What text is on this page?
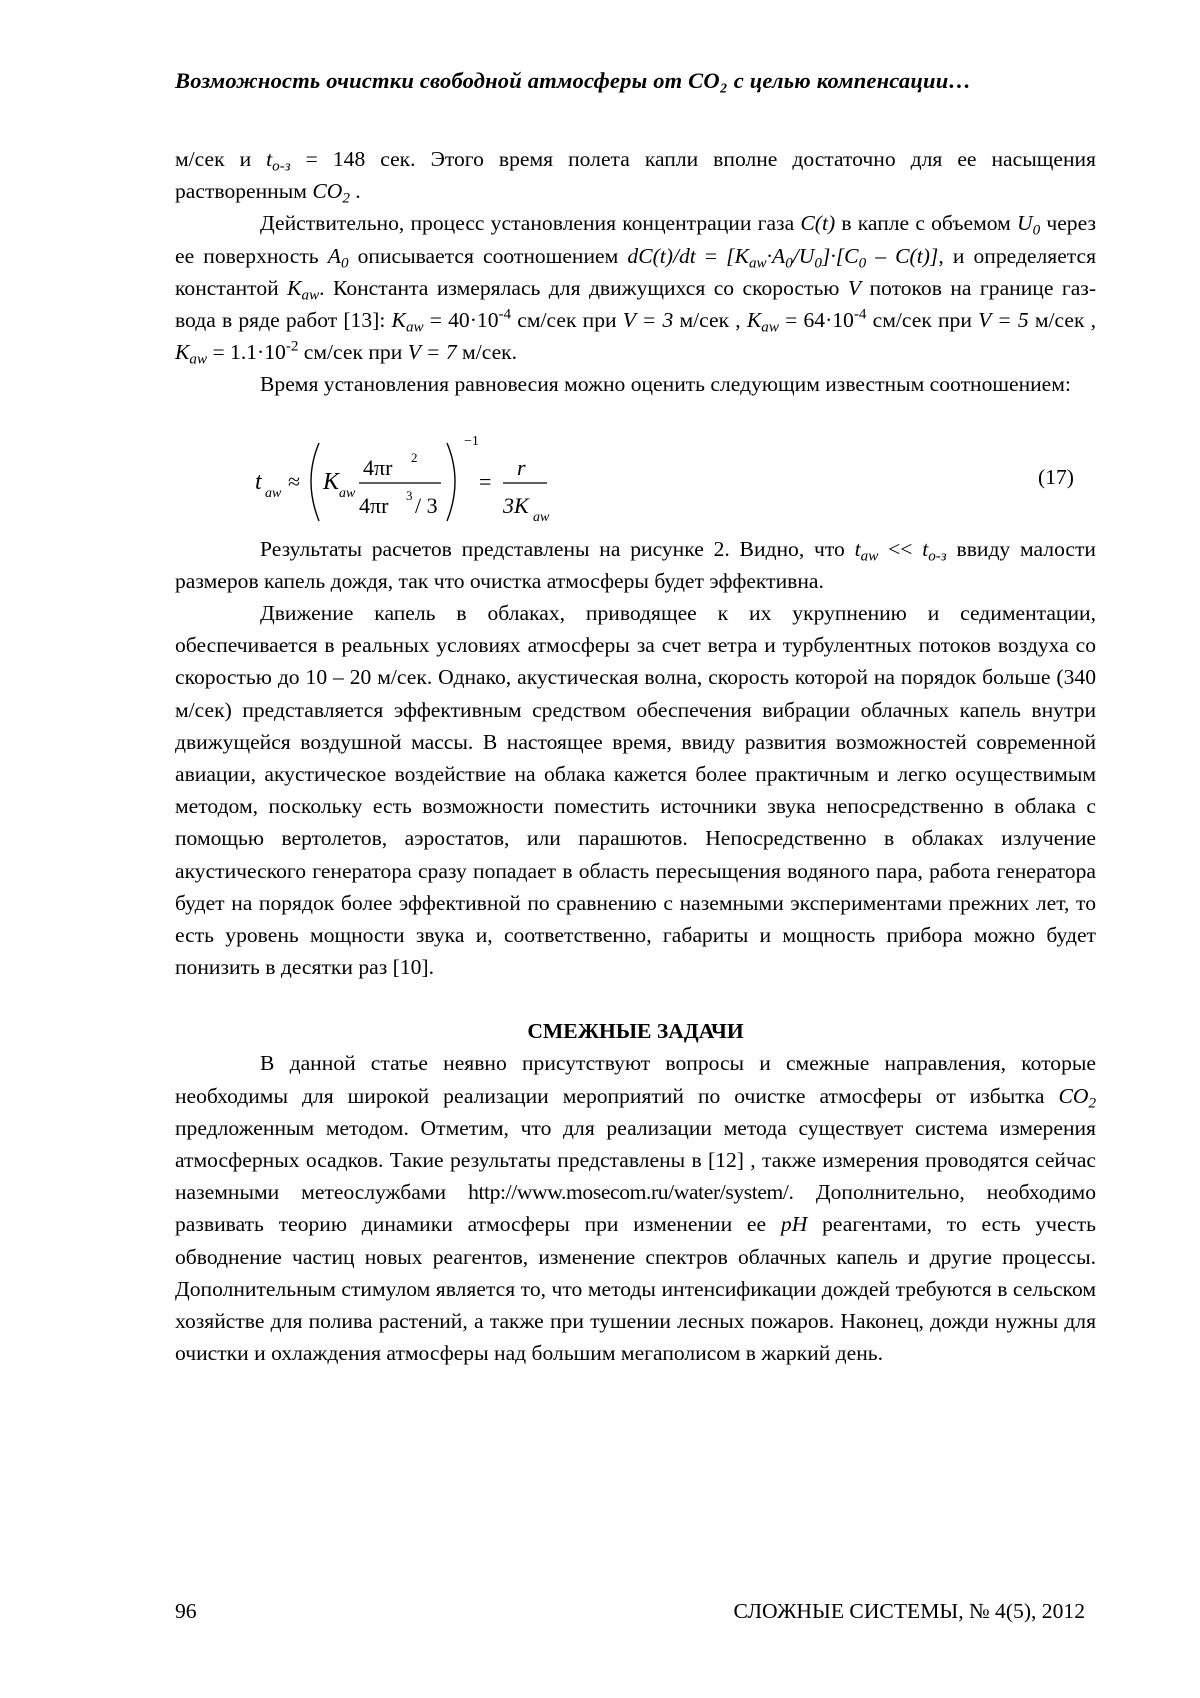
Возможность очистки свободной атмосферы от СО₂ с целью компенсации…

м/сек и $t_{о-з} = 148$ сек. Этого время полета капли вполне достаточно для ее насыщения растворенным $СО_2$ .

Действительно, процесс установления концентрации газа C(t) в капле с объемом $U_0$ через ее поверхность $A_0$ описывается соотношением $dC(t)/dt = [K_{aw}\cdot A_0/U_0]\cdot[C_0 - C(t)]$, и определяется константой $K_{aw}$. Константа измерялась для движущихся со скоростью V потоков на границе газ-вода в ряде работ [13]: $K_{aw} = 40\cdot 10^{-4}$ см/сек при V = 3 м/сек , $K_{aw} = 64\cdot 10^{-4}$ см/сек при V = 5 м/сек , $K_{aw} = 1.1\cdot 10^{-2}$ см/сек при V = 7 м/сек.

Время установления равновесия можно оценить следующим известным соотношением:

t aw ≈ K aw
4πr 2
4πr 3 / 3
−1
=
r
3K aw
(17)

Результаты расчетов представлены на рисунке 2. Видно, что $t_{aw} << t_{о-з}$ ввиду малости размеров капель дождя, так что очистка атмосферы будет эффективна.

Движение капель в облаках, приводящее к их укрупнению и седиментации, обеспечивается в реальных условиях атмосферы за счет ветра и турбулентных потоков воздуха со скоростью до 10 – 20 м/сек. Однако, акустическая волна, скорость которой на порядок больше (340 м/сек) представляется эффективным средством обеспечения вибрации облачных капель внутри движущейся воздушной массы. В настоящее время, ввиду развития возможностей современной авиации, акустическое воздействие на облака кажется более практичным и легко осуществимым методом, поскольку есть возможности поместить источники звука непосредственно в облака с помощью вертолетов, аэростатов, или парашютов. Непосредственно в облаках излучение акустического генератора сразу попадает в область пересыщения водяного пара, работа генератора будет на порядок более эффективной по сравнению с наземными экспериментами прежних лет, то есть уровень мощности звука и, соответственно, габариты и мощность прибора можно будет понизить в десятки раз [10].

СМЕЖНЫЕ ЗАДАЧИ

В данной статье неявно присутствуют вопросы и смежные направления, которые необходимы для широкой реализации мероприятий по очистке атмосферы от избытка $СО_2$ предложенным методом. Отметим, что для реализации метода существует система измерения атмосферных осадков. Такие результаты представлены в [12] , также измерения проводятся сейчас наземными метеослужбами http://www.mosecom.ru/water/system/. Дополнительно, необходимо развивать теорию динамики атмосферы при изменении ее pH реагентами, то есть учесть обводнение частиц новых реагентов, изменение спектров облачных капель и другие процессы. Дополнительным стимулом является то, что методы интенсификации дождей требуются в сельском хозяйстве для полива растений, а также при тушении лесных пожаров. Наконец, дожди нужны для очистки и охлаждения атмосферы над большим мегаполисом в жаркий день.

96	СЛОЖНЫЕ СИСТЕМЫ, № 4(5), 2012
